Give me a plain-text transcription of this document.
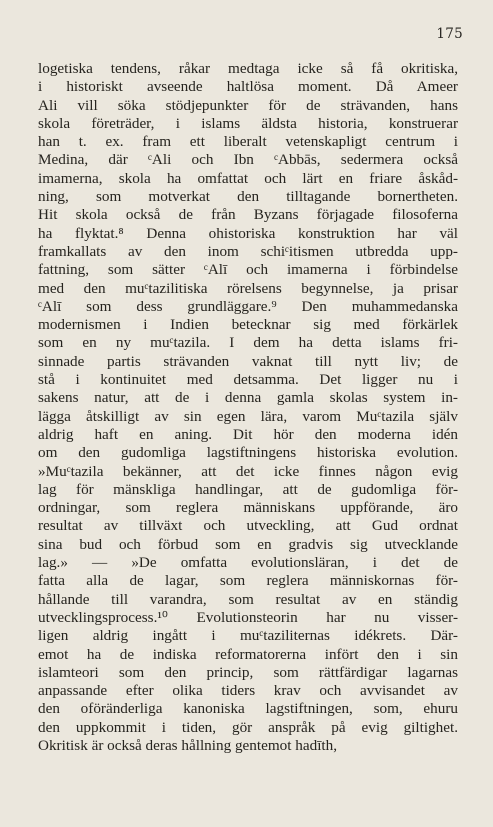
175
logetiska tendens, råkar medtaga icke så få okritiska,
i historiskt avseende haltlösa moment. Då Ameer
Ali vill söka stödjepunkter för de strävanden, hans
skola företräder, i islams äldsta historia, konstruerar
han t. ex. fram ett liberalt vetenskapligt centrum i
Medina, där ᶜAli och Ibn ᶜAbbās, sedermera också
imamerna, skola ha omfattat och lärt en friare åskåd-
ning, som motverkat den tilltagande bornertheten.
Hit skola också de från Byzans förjagade filosoferna
ha flyktat.⁸ Denna ohistoriska konstruktion har väl
framkallats av den inom schiᶜitismen utbredda upp-
fattning, som sätter ᶜAlī och imamerna i förbindelse
med den muᶜtazilitiska rörelsens begynnelse, ja prisar
ᶜAlī som dess grundläggare.⁹ Den muhammedanska
modernismen i Indien betecknar sig med förkärlek
som en ny muᶜtazila. I dem ha detta islams fri-
sinnade partis strävanden vaknat till nytt liv; de
stå i kontinuitet med detsamma. Det ligger nu i
sakens natur, att de i denna gamla skolas system in-
lägga åtskilligt av sin egen lära, varom Muᶜtazila själv
aldrig haft en aning. Dit hör den moderna idén
om den gudomliga lagstiftningens historiska evolution.
»Muᶜtazila bekänner, att det icke finnes någon evig
lag för mänskliga handlingar, att de gudomliga för-
ordningar, som reglera människans uppförande, äro
resultat av tillväxt och utveckling, att Gud ordnat
sina bud och förbud som en gradvis sig utvecklande
lag.» — »De omfatta evolutionsläran, i det de
fatta alla de lagar, som reglera människornas för-
hållande till varandra, som resultat av en ständig
utvecklingsprocess.¹⁰ Evolutionsteorin har nu visser-
ligen aldrig ingått i muᶜtaziliternas idékrets. Där-
emot ha de indiska reformatorerna infört den i sin
islamteori som den princip, som rättfärdigar lagarnas
anpassande efter olika tiders krav och avvisandet av
den oföränderliga kanoniska lagstiftningen, som, ehuru
den uppkommit i tiden, gör anspråk på evig giltighet.
Okritisk är också deras hållning gentemot hadīth,
